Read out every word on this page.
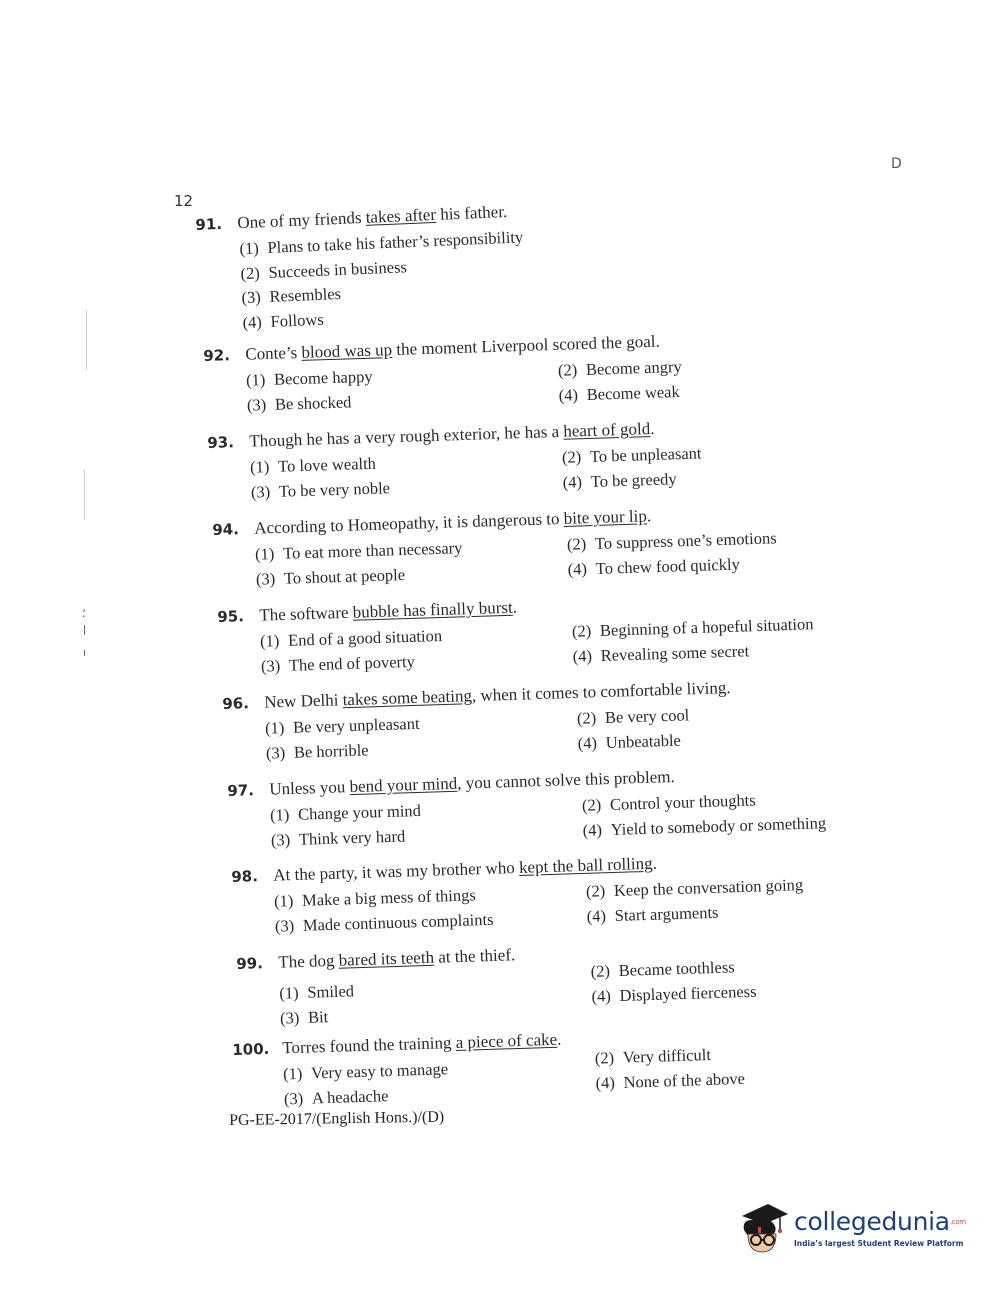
D
12
⸵
91. One of my friends takes after his father.
(1) Plans to take his father’s responsibility
(2) Succeeds in business
(3) Resembles
(4) Follows
92. Conte’s blood was up the moment Liverpool scored the goal.
(1) Become happy	(2) Become angry
(3) Be shocked	(4) Become weak
93. Though he has a very rough exterior, he has a heart of gold.
(1) To love wealth	(2) To be unpleasant
(3) To be very noble	(4) To be greedy
94. According to Homeopathy, it is dangerous to bite your lip.
(1) To eat more than necessary	(2) To suppress one’s emotions
(3) To shout at people	(4) To chew food quickly
95. The software bubble has finally burst.
(1) End of a good situation	(2) Beginning of a hopeful situation
(3) The end of poverty	(4) Revealing some secret
96. New Delhi takes some beating, when it comes to comfortable living.
(1) Be very unpleasant	(2) Be very cool
(3) Be horrible	(4) Unbeatable
97. Unless you bend your mind, you cannot solve this problem.
(1) Change your mind	(2) Control your thoughts
(3) Think very hard	(4) Yield to somebody or something
98. At the party, it was my brother who kept the ball rolling.
(1) Make a big mess of things	(2) Keep the conversation going
(3) Made continuous complaints	(4) Start arguments
99. The dog bared its teeth at the thief.
(1) Smiled
(2) Became toothless
(3) Bit
(4) Displayed fierceness
100. Torres found the training a piece of cake.
(1) Very easy to manage
(2) Very difficult
(3) A headache
(4) None of the above
PG-EE-2017/(English Hons.)/(D)
collegedunia$^{.com}$
India’s largest Student Review Platform
